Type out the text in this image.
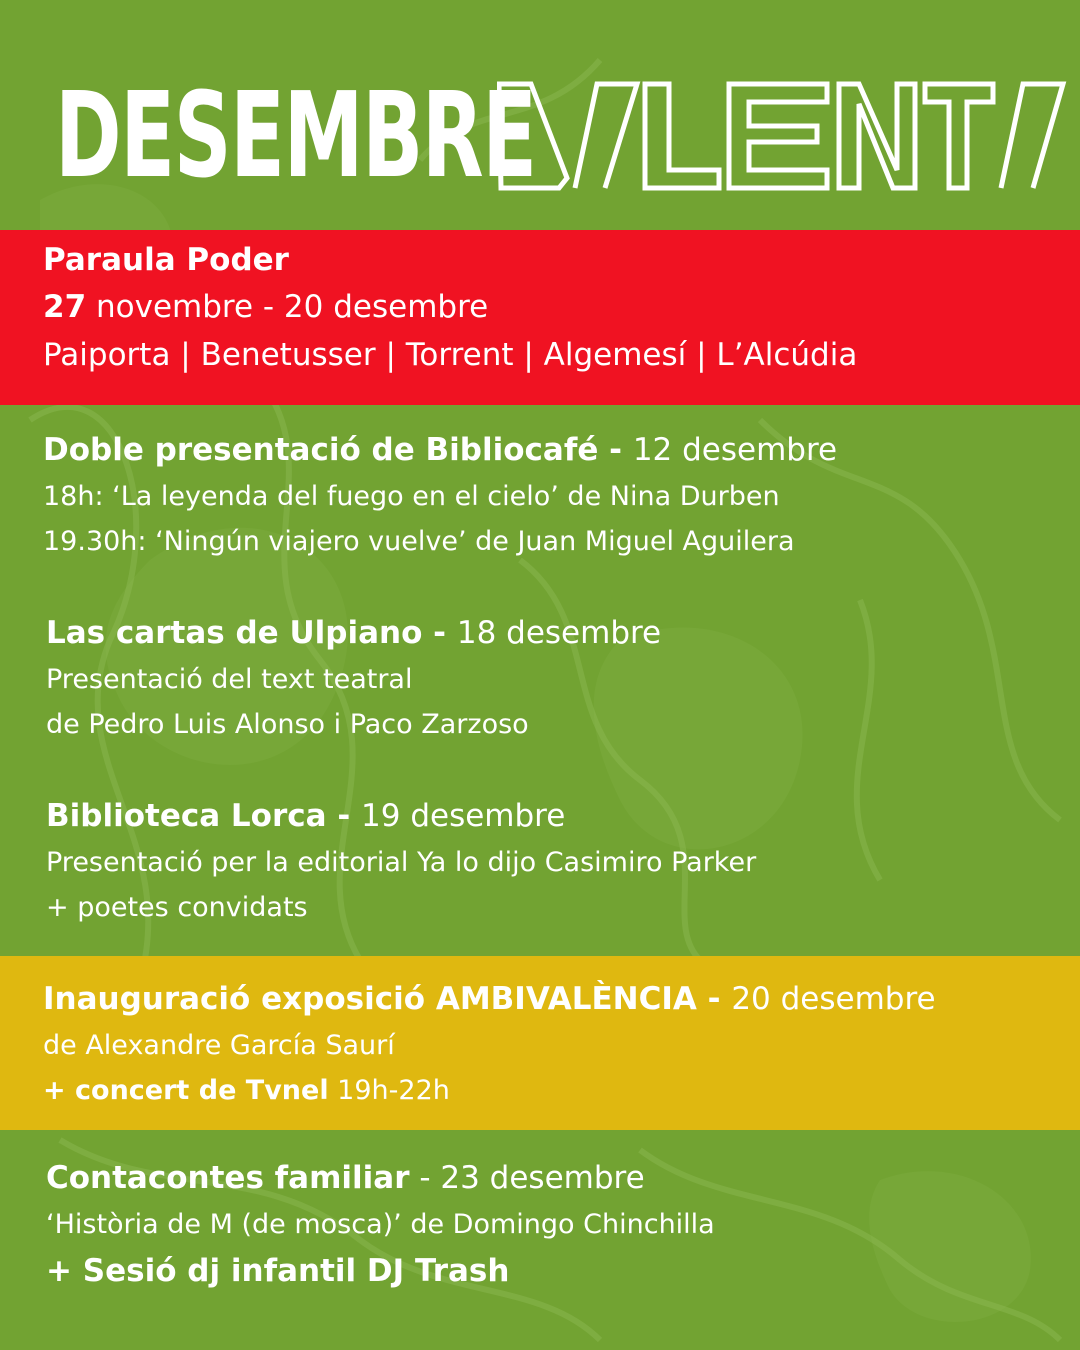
DESEMBRE	VALENTA
Paraula Poder
27 novembre - 20 desembre
Paiporta | Benetusser | Torrent | Algemesí | L’Alcúdia
Doble presentació de Bibliocafé - 12 desembre
18h: ‘La leyenda del fuego en el cielo’ de Nina Durben
19.30h: ‘Ningún viajero vuelve’ de Juan Miguel Aguilera
Las cartas de Ulpiano - 18 desembre
Presentació del text teatral
de Pedro Luis Alonso i Paco Zarzoso
Biblioteca Lorca - 19 desembre
Presentació per la editorial Ya lo dijo Casimiro Parker
+ poetes convidats
Inauguració exposició AMBIVALÈNCIA - 20 desembre
de Alexandre García Saurí
+ concert de Tvnel 19h-22h
Contacontes familiar - 23 desembre
‘Història de M (de mosca)’ de Domingo Chinchilla
+ Sesió dj infantil DJ Trash
